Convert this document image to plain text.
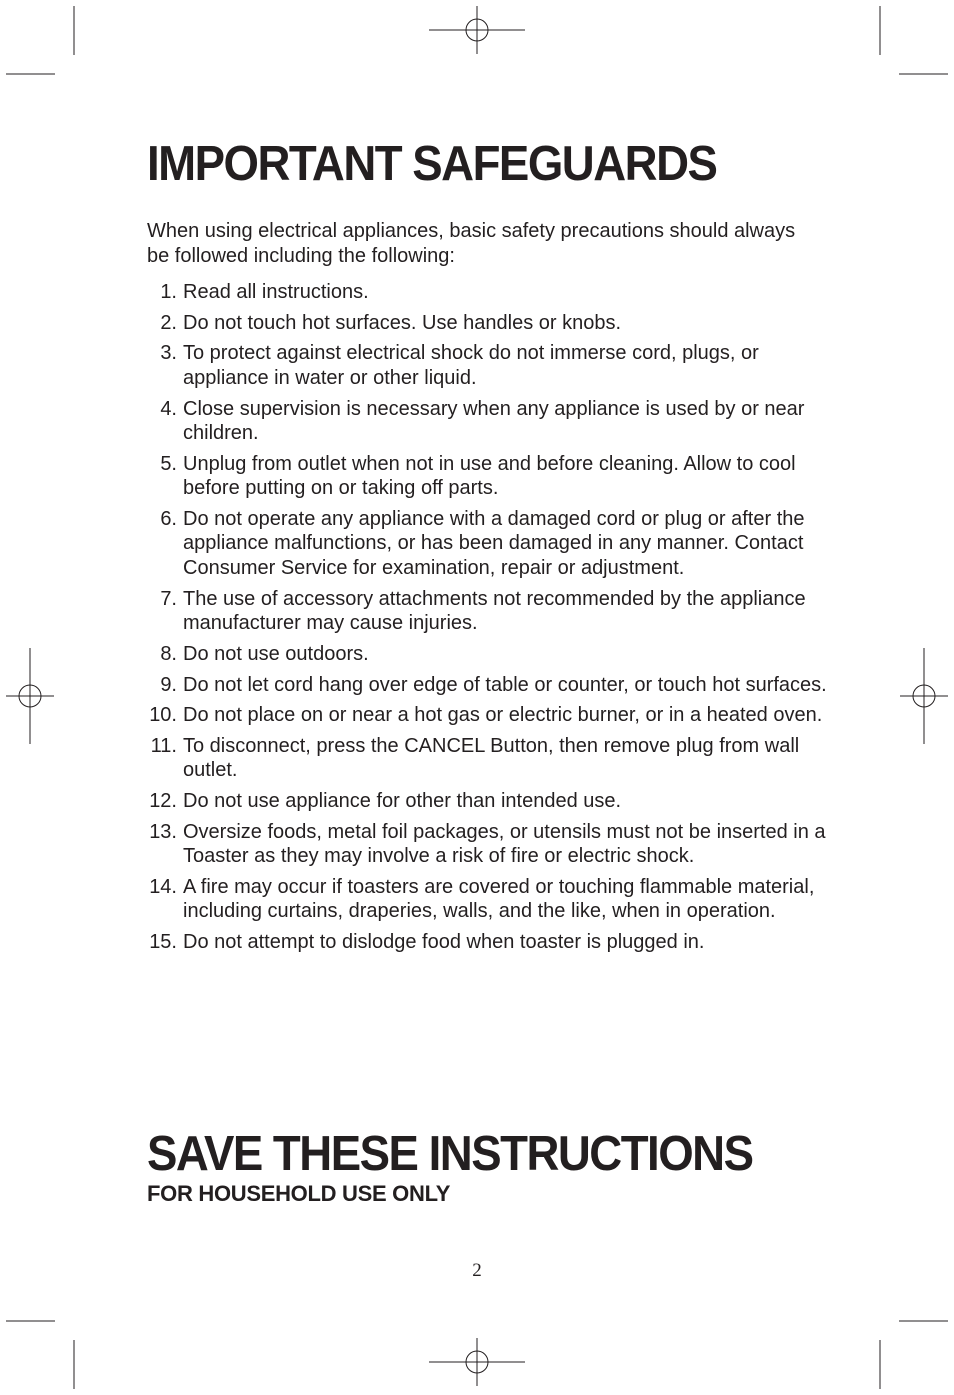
IMPORTANT SAFEGUARDS

When using electrical appliances, basic safety precautions should always be followed including the following:

1. Read all instructions.
2. Do not touch hot surfaces. Use handles or knobs.
3. To protect against electrical shock do not immerse cord, plugs, or appliance in water or other liquid.
4. Close supervision is necessary when any appliance is used by or near children.
5. Unplug from outlet when not in use and before cleaning. Allow to cool before putting on or taking off parts.
6. Do not operate any appliance with a damaged cord or plug or after the appliance malfunctions, or has been damaged in any manner. Contact Consumer Service for examination, repair or adjustment.
7. The use of accessory attachments not recommended by the appliance manufacturer may cause injuries.
8. Do not use outdoors.
9. Do not let cord hang over edge of table or counter, or touch hot surfaces.
10. Do not place on or near a hot gas or electric burner, or in a heated oven.
11. To disconnect, press the CANCEL Button, then remove plug from wall outlet.
12. Do not use appliance for other than intended use.
13. Oversize foods, metal foil packages, or utensils must not be inserted in a Toaster as they may involve a risk of fire or electric shock.
14. A fire may occur if toasters are covered or touching flammable material, including curtains, draperies, walls, and the like, when in operation.
15. Do not attempt to dislodge food when toaster is plugged in.
SAVE THESE INSTRUCTIONS
FOR HOUSEHOLD USE ONLY
2
